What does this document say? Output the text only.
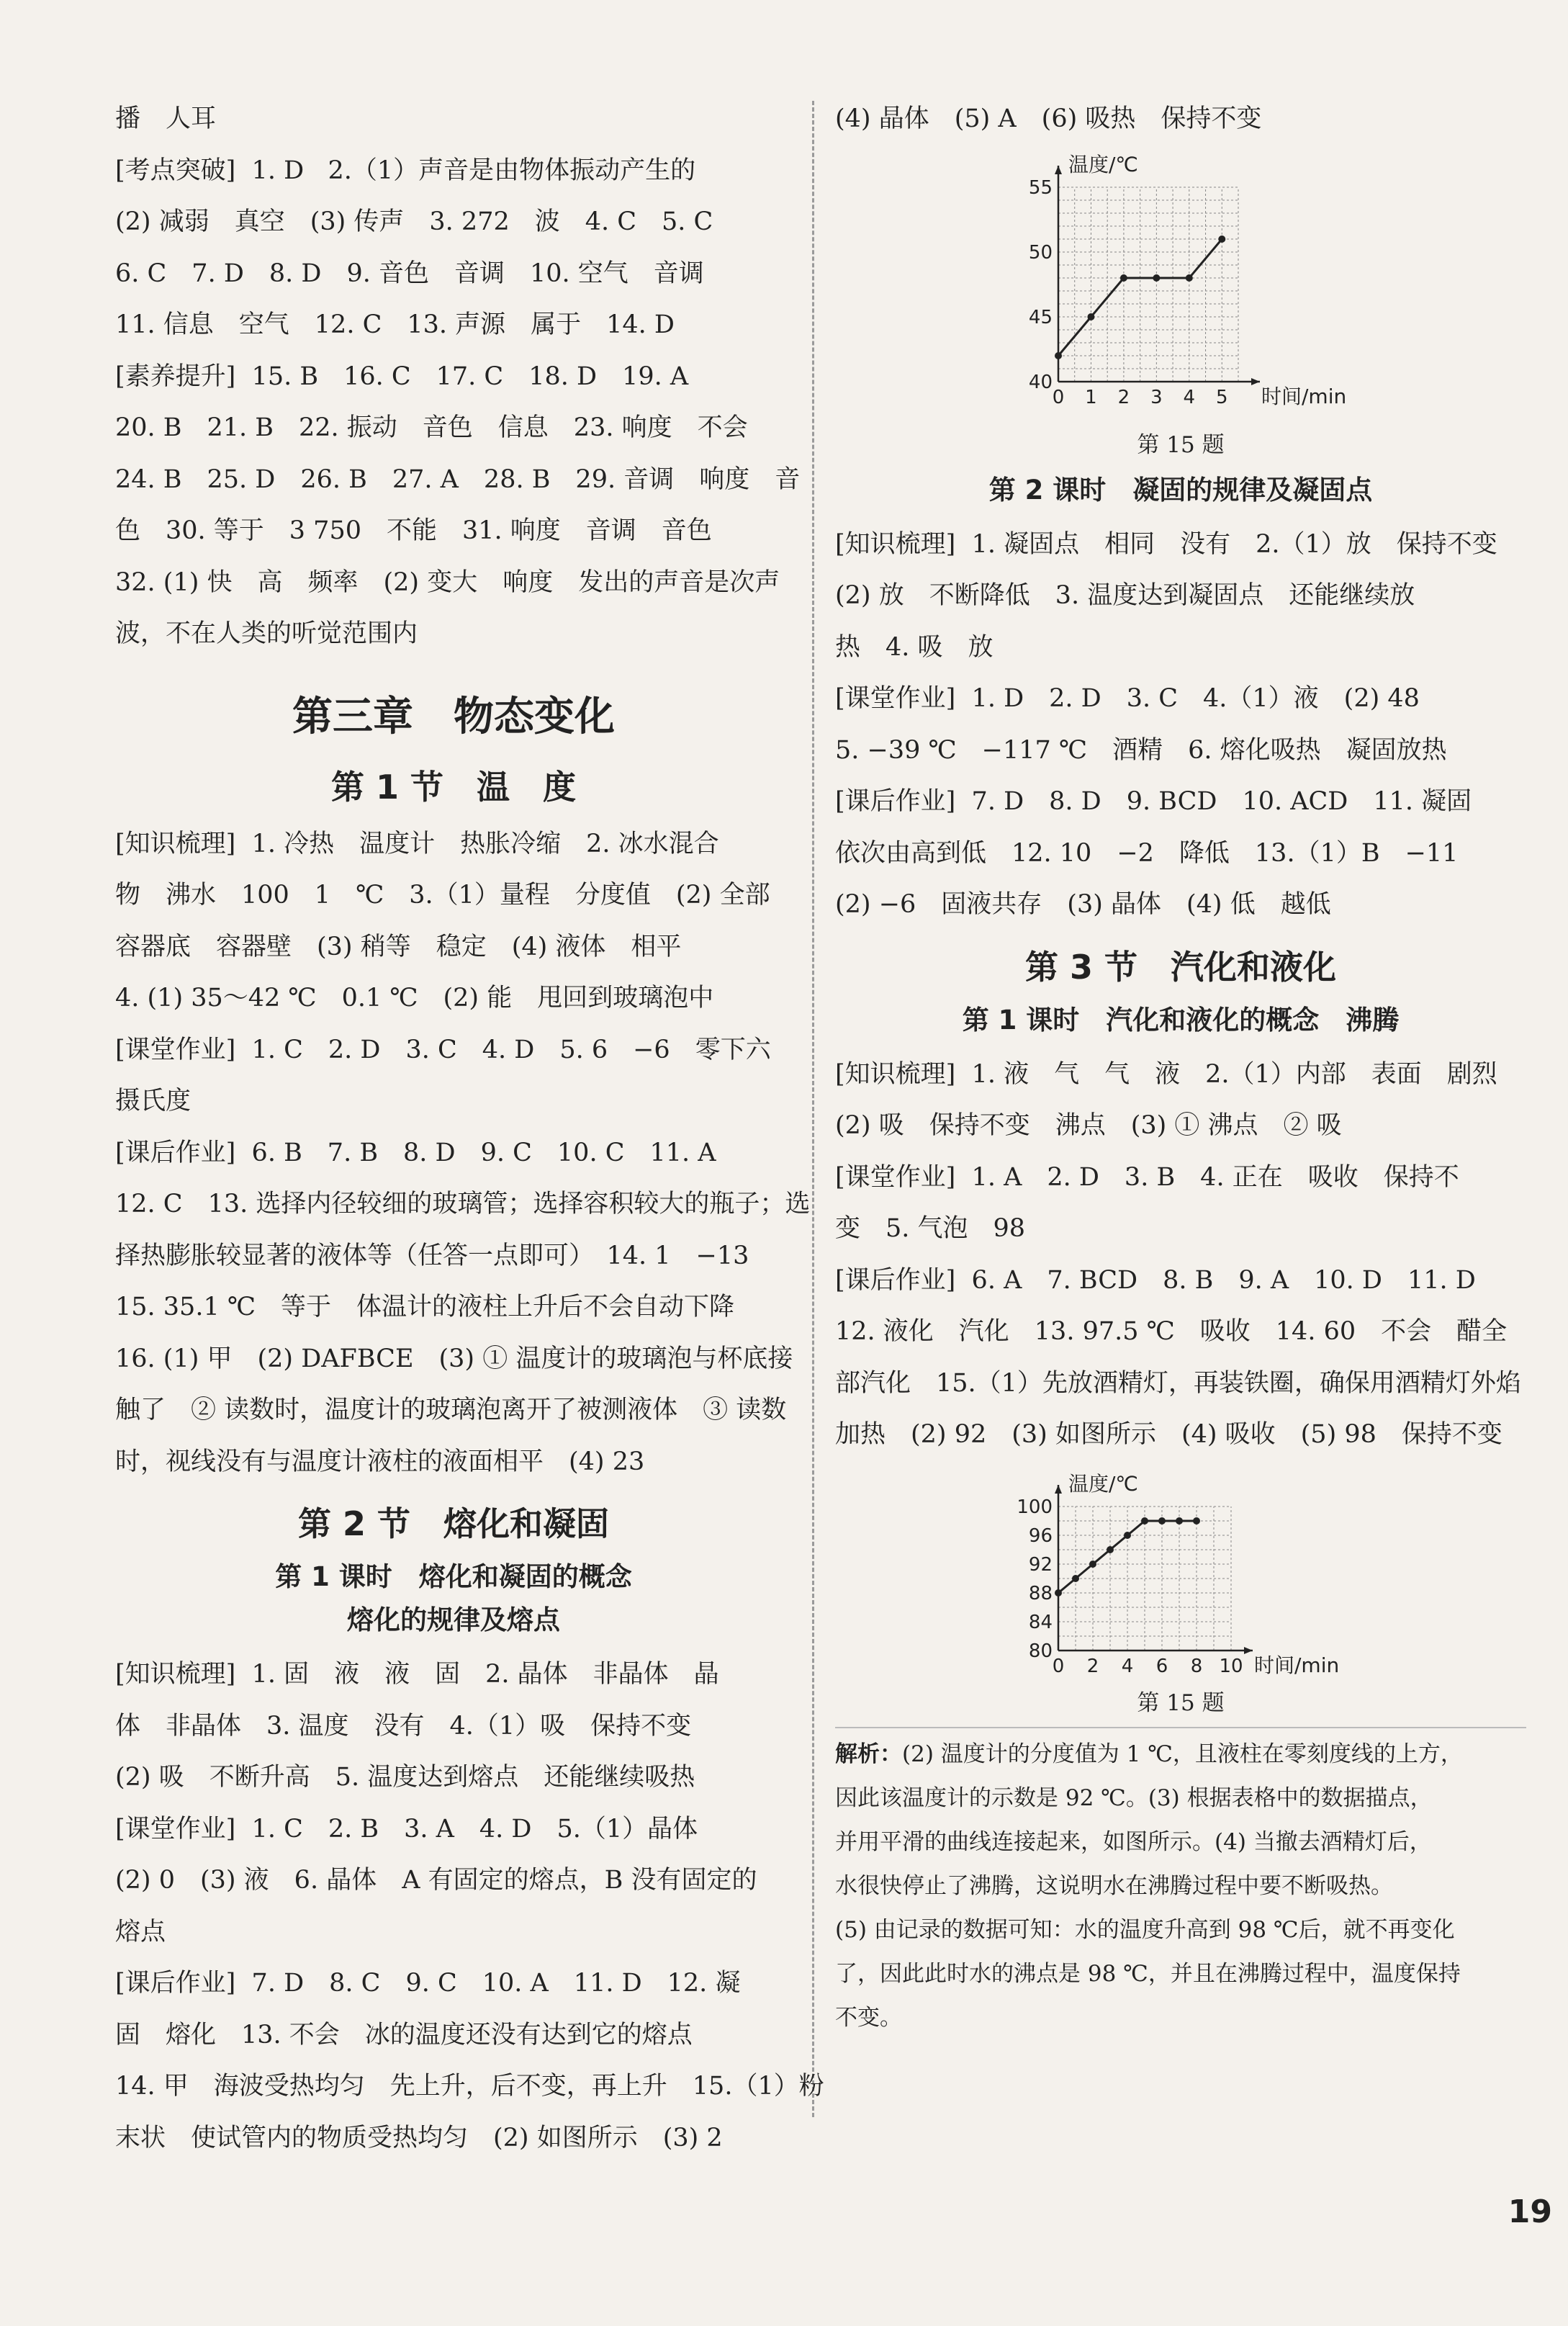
播　人耳

[考点突破]  1. D   2.（1）声音是由物体振动产生的

(2) 减弱　真空　(3) 传声　3. 272　波　4. C　5. C

6. C　7. D　8. D　9. 音色　音调　10. 空气　音调

11. 信息　空气　12. C　13. 声源　属于　14. D

[素养提升]  15. B　16. C　17. C　18. D　19. A

20. B　21. B　22. 振动　音色　信息　23. 响度　不会

24. B　25. D　26. B　27. A　28. B　29. 音调　响度　音

色　30. 等于　3 750　不能　31. 响度　音调　音色

32. (1) 快　高　频率　(2) 变大　响度　发出的声音是次声

波，不在人类的听觉范围内

第三章　物态变化
第 1 节　温　度

[知识梳理]  1. 冷热　温度计　热胀冷缩　2. 冰水混合

物　沸水　100　1　℃　3.（1）量程　分度值　(2) 全部

容器底　容器壁　(3) 稍等　稳定　(4) 液体　相平

4. (1) 35～42 ℃　0.1 ℃　(2) 能　甩回到玻璃泡中

[课堂作业]  1. C　2. D　3. C　4. D　5. 6　−6　零下六

摄氏度

[课后作业]  6. B　7. B　8. D　9. C　10. C　11. A

12. C　13. 选择内径较细的玻璃管；选择容积较大的瓶子；选

择热膨胀较显著的液体等（任答一点即可）　14. 1　−13

15. 35.1 ℃　等于　体温计的液柱上升后不会自动下降

16. (1) 甲　(2) DAFBCE　(3) ① 温度计的玻璃泡与杯底接

触了　② 读数时，温度计的玻璃泡离开了被测液体　③ 读数

时，视线没有与温度计液柱的液面相平　(4) 23

第 2 节　熔化和凝固
第 1 课时　熔化和凝固的概念
熔化的规律及熔点

[知识梳理]  1. 固　液　液　固　2. 晶体　非晶体　晶

体　非晶体　3. 温度　没有　4.（1）吸　保持不变

(2) 吸　不断升高　5. 温度达到熔点　还能继续吸热

[课堂作业]  1. C　2. B　3. A　4. D　5.（1）晶体

(2) 0　(3) 液　6. 晶体　A 有固定的熔点，B 没有固定的

熔点

[课后作业]  7. D　8. C　9. C　10. A　11. D　12. 凝

固　熔化　13. 不会　冰的温度还没有达到它的熔点

14. 甲　海波受热均匀　先上升，后不变，再上升　15.（1）粉

末状　使试管内的物质受热均匀　(2) 如图所示　(3) 2

(4) 晶体　(5) A　(6) 吸热　保持不变

0 1 2 3 4 5
40
45
50
55
温度/℃
时间/min
第 15 题
第 2 课时　凝固的规律及凝固点

[知识梳理]  1. 凝固点　相同　没有　2.（1）放　保持不变

(2) 放　不断降低　3. 温度达到凝固点　还能继续放

热　4. 吸　放

[课堂作业]  1. D　2. D　3. C　4.（1）液　(2) 48

5. −39 ℃　−117 ℃　酒精　6. 熔化吸热　凝固放热

[课后作业]  7. D　8. D　9. BCD　10. ACD　11. 凝固

依次由高到低　12. 10　−2　降低　13.（1）B　−11

(2) −6　固液共存　(3) 晶体　(4) 低　越低

第 3 节　汽化和液化
第 1 课时　汽化和液化的概念　沸腾

[知识梳理]  1. 液　气　气　液　2.（1）内部　表面　剧烈

(2) 吸　保持不变　沸点　(3) ① 沸点　② 吸

[课堂作业]  1. A　2. D　3. B　4. 正在　吸收　保持不

变　5. 气泡　98

[课后作业]  6. A　7. BCD　8. B　9. A　10. D　11. D

12. 液化　汽化　13. 97.5 ℃　吸收　14. 60　不会　醋全

部汽化　15.（1）先放酒精灯，再装铁圈，确保用酒精灯外焰

加热　(2) 92　(3) 如图所示　(4) 吸收　(5) 98　保持不变

0 2 4 6 8 10
80
84
88
92
96
100
温度/℃
时间/min
第 15 题

解析：(2) 温度计的分度值为 1 ℃，且液柱在零刻度线的上方，

因此该温度计的示数是 92 ℃。(3) 根据表格中的数据描点，

并用平滑的曲线连接起来，如图所示。(4) 当撤去酒精灯后，

水很快停止了沸腾，这说明水在沸腾过程中要不断吸热。

(5) 由记录的数据可知：水的温度升高到 98 ℃后，就不再变化

了，因此此时水的沸点是 98 ℃，并且在沸腾过程中，温度保持

不变。

19
